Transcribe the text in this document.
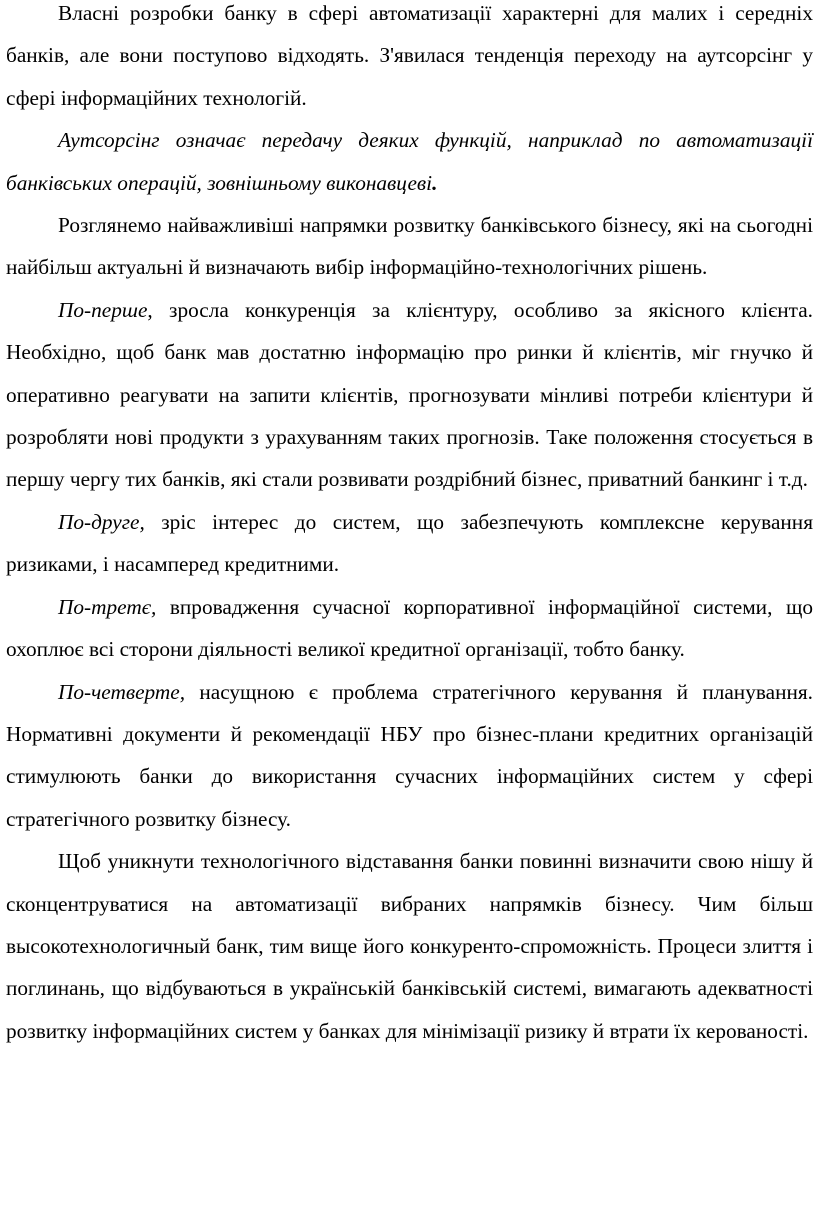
Власні розробки банку в сфері автоматизації характерні для малих і середніх банків, але вони поступово відходять. З'явилася тенденція переходу на аутсорсінг у сфері інформаційних технологій.

Аутсорсінг означає передачу деяких функцій, наприклад по автоматизації банківських операцій, зовнішньому виконавцеві.

Розглянемо найважливіші напрямки розвитку банківського бізнесу, які на сьогодні найбільш актуальні й визначають вибір інформаційно-технологічних рішень.

По-перше, зросла конкуренція за клієнтуру, особливо за якісного клієнта. Необхідно, щоб банк мав достатню інформацію про ринки й клієнтів, міг гнучко й оперативно реагувати на запити клієнтів, прогнозувати мінливі потреби клієнтури й розробляти нові продукти з урахуванням таких прогнозів. Таке положення стосується в першу чергу тих банків, які стали розвивати роздрібний бізнес, приватний банкинг і т.д.

По-друге, зріс інтерес до систем, що забезпечують комплексне керування ризиками, і насамперед кредитними.

По-третє, впровадження сучасної корпоративної інформаційної системи, що охоплює всі сторони діяльності великої кредитної організації, тобто банку.

По-четверте, насущною є проблема стратегічного керування й планування. Нормативні документи й рекомендації НБУ про бізнес-плани кредитних організацій стимулюють банки до використання сучасних інформаційних систем у сфері стратегічного розвитку бізнесу.

Щоб уникнути технологічного відставання банки повинні визначити свою нішу й сконцентруватися на автоматизації вибраних напрямків бізнесу. Чим більш высокотехнологичный банк, тим вище його конкуренто-спроможність. Процеси злиття і поглинань, що відбуваються в українській банківській системі, вимагають адекватності розвитку інформаційних систем у банках для мінімізації ризику й втрати їх керованості.
